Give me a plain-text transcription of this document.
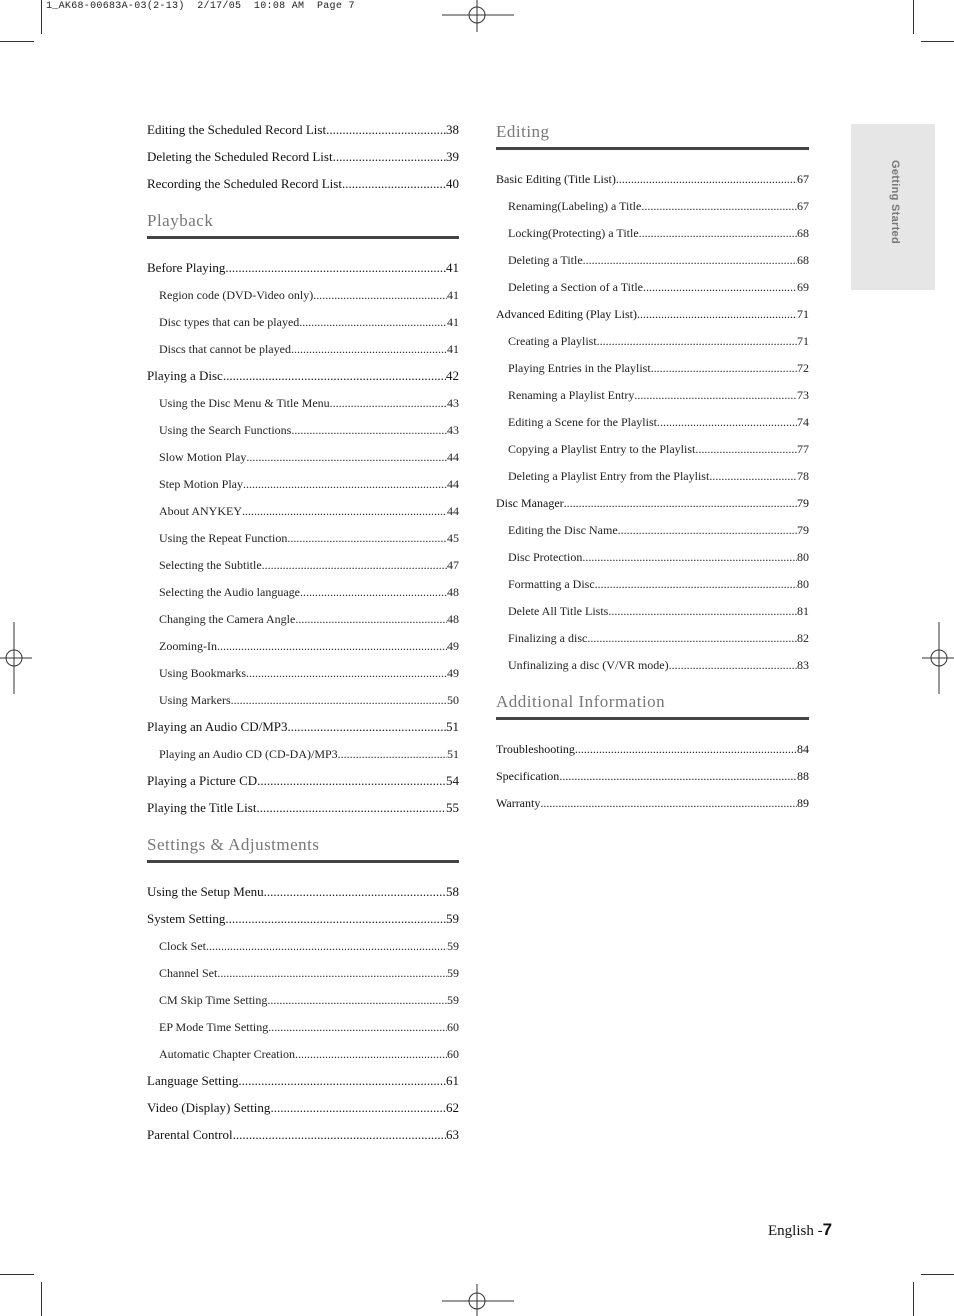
1_AK68-00683A-03(2-13)  2/17/05  10:08 AM  Page 7
Getting Started
Editing the Scheduled Record List .....	38
Deleting the Scheduled Record List .....	39
Recording the Scheduled Record List .....	40
Playback
Before Playing .....	41
Region code (DVD-Video only) .....	41
Disc types that can be played .....	41
Discs that cannot be played .....	41
Playing a Disc .....	42
Using the Disc Menu & Title Menu .....	43
Using the Search Functions .....	43
Slow Motion Play .....	44
Step Motion Play .....	44
About ANYKEY .....	44
Using the Repeat Function .....	45
Selecting the Subtitle .....	47
Selecting the Audio language .....	48
Changing the Camera Angle .....	48
Zooming-In .....	49
Using Bookmarks .....	49
Using Markers .....	50
Playing an Audio CD/MP3 .....	51
Playing an Audio CD (CD-DA)/MP3 .....	51
Playing a Picture CD .....	54
Playing the Title List .....	55
Settings & Adjustments
Using the Setup Menu .....	58
System Setting .....	59
Clock Set .....	59
Channel Set .....	59
CM Skip Time Setting .....	59
EP Mode Time Setting .....	60
Automatic Chapter Creation .....	60
Language Setting .....	61
Video (Display) Setting .....	62
Parental Control .....	63
Editing
Basic Editing (Title List) .....	67
Renaming(Labeling) a Title .....	67
Locking(Protecting) a Title .....	68
Deleting a Title .....	68
Deleting a Section of a Title .....	69
Advanced Editing (Play List) .....	71
Creating a Playlist .....	71
Playing Entries in the Playlist .....	72
Renaming a Playlist Entry .....	73
Editing a Scene for the Playlist .....	74
Copying a Playlist Entry to the Playlist .....	77
Deleting a Playlist Entry from the Playlist .....	78
Disc Manager .....	79
Editing the Disc Name .....	79
Disc Protection .....	80
Formatting a Disc .....	80
Delete All Title Lists .....	81
Finalizing a disc .....	82
Unfinalizing a disc (V/VR mode) .....	83
Additional Information
Troubleshooting .....	84
Specification .....	88
Warranty .....	89
English -7
